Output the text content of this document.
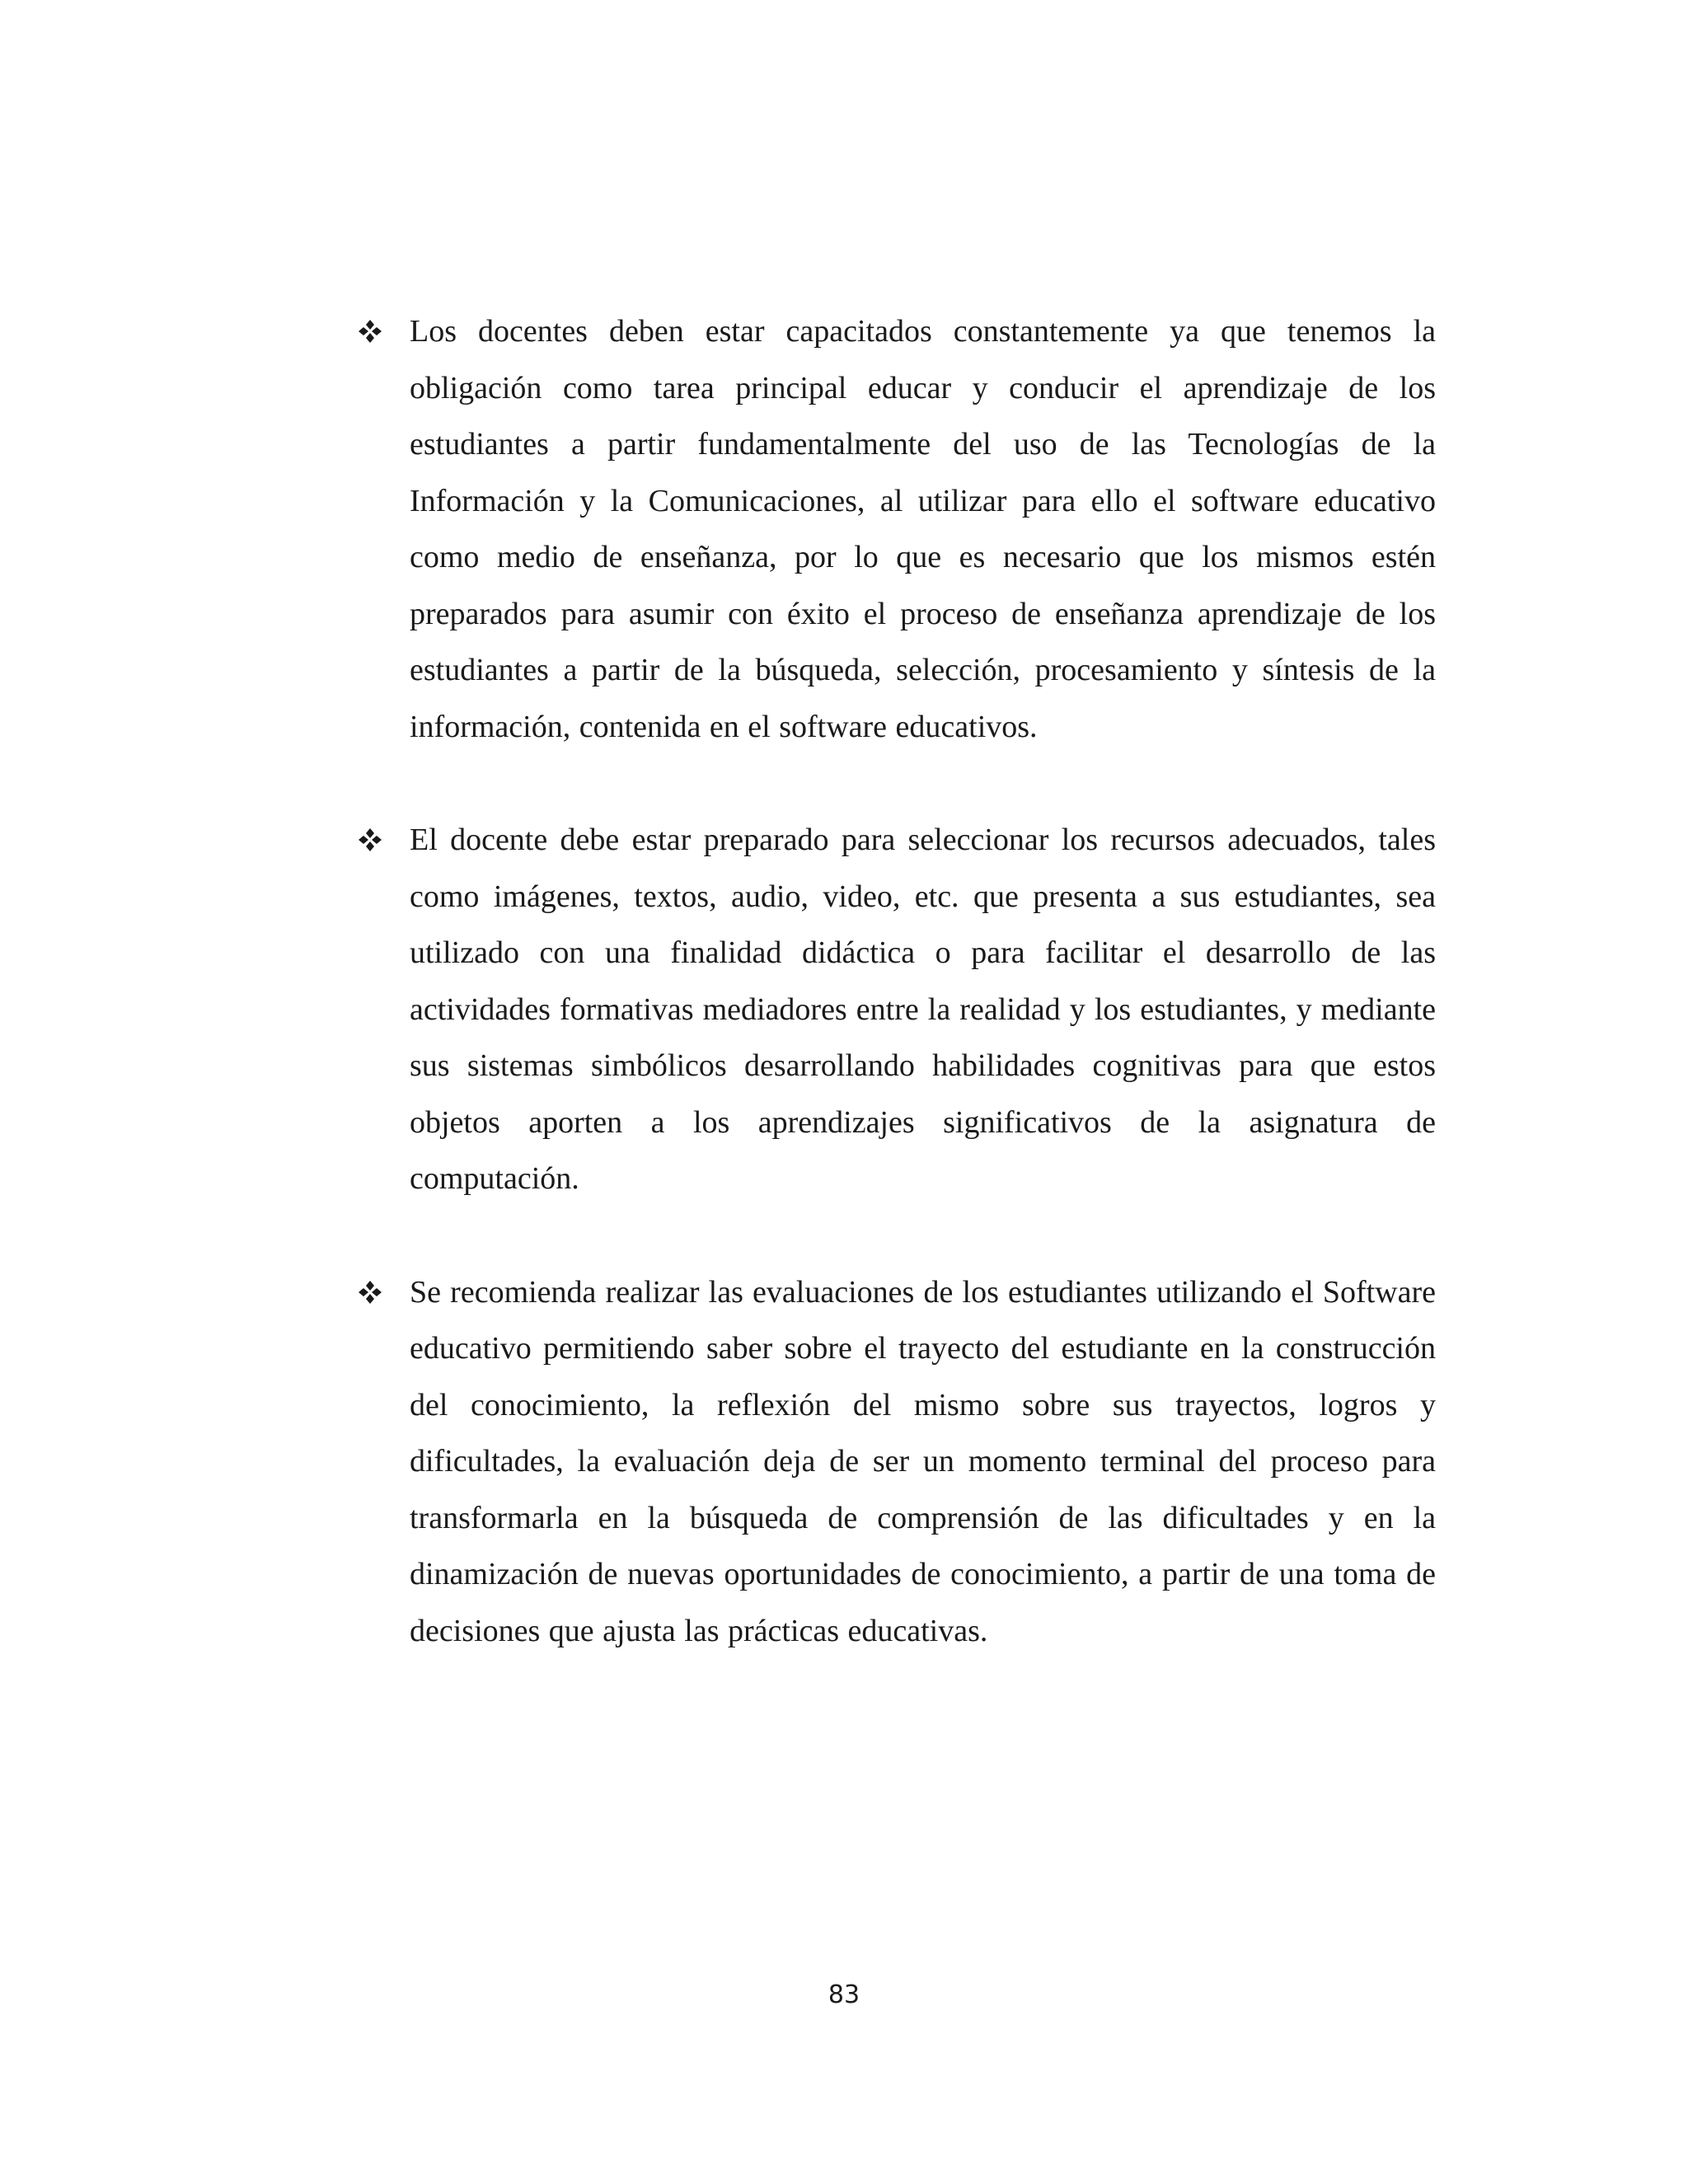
Los docentes deben estar capacitados constantemente ya que tenemos la obligación como tarea principal educar y conducir el aprendizaje de los estudiantes a partir fundamentalmente del uso de las Tecnologías de la Información y la Comunicaciones, al utilizar para ello el software educativo como medio de enseñanza, por lo que es necesario que los mismos estén preparados para asumir con éxito el proceso de enseñanza aprendizaje de los estudiantes a partir de la búsqueda, selección, procesamiento y síntesis de la información, contenida en el software educativos.

El docente debe estar preparado para seleccionar los recursos adecuados, tales como imágenes, textos, audio, video, etc. que presenta a sus estudiantes, sea utilizado con una finalidad didáctica o para facilitar el desarrollo de las actividades formativas mediadores entre la realidad y los estudiantes, y mediante sus sistemas simbólicos desarrollando habilidades cognitivas para que estos objetos aporten a los aprendizajes significativos de la asignatura de computación.

Se recomienda realizar las evaluaciones de los estudiantes utilizando el Software educativo permitiendo saber sobre el trayecto del estudiante en la construcción del conocimiento, la reflexión del mismo sobre sus trayectos, logros y dificultades, la evaluación deja de ser un momento terminal del proceso para transformarla en la búsqueda de comprensión de las dificultades y en la dinamización de nuevas oportunidades de conocimiento, a partir de una toma de decisiones que ajusta las prácticas educativas.

83
